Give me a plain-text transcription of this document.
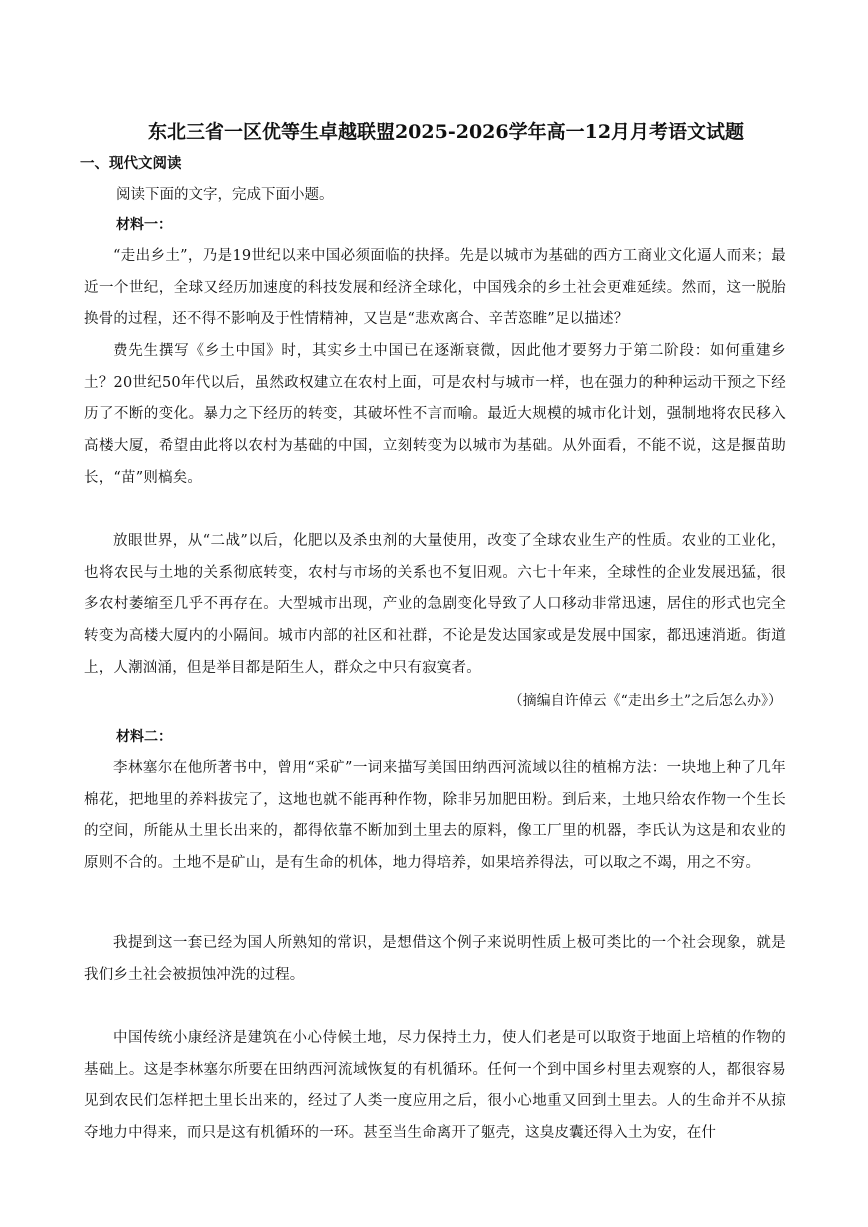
东北三省一区优等生卓越联盟2025-2026学年高一12月月考语文试题
一、现代文阅读
阅读下面的文字，完成下面小题。
材料一：

“走出乡土”，乃是19世纪以来中国必须面临的抉择。先是以城市为基础的西方工商业文化逼人而来；最近一个世纪，全球又经历加速度的科技发展和经济全球化，中国残余的乡土社会更难延续。然而，这一脱胎换骨的过程，还不得不影响及于性情精神，又岂是“悲欢离合、辛苦恣睢”足以描述？

费先生撰写《乡土中国》时，其实乡土中国已在逐渐衰微，因此他才要努力于第二阶段：如何重建乡土？20世纪50年代以后，虽然政权建立在农村上面，可是农村与城市一样，也在强力的种种运动干预之下经历了不断的变化。暴力之下经历的转变，其破坏性不言而喻。最近大规模的城市化计划，强制地将农民移入高楼大厦，希望由此将以农村为基础的中国，立刻转变为以城市为基础。从外面看，不能不说，这是揠苗助长，“苗”则槁矣。

放眼世界，从“二战”以后，化肥以及杀虫剂的大量使用，改变了全球农业生产的性质。农业的工业化，也将农民与土地的关系彻底转变，农村与市场的关系也不复旧观。六七十年来，全球性的企业发展迅猛，很多农村萎缩至几乎不再存在。大型城市出现，产业的急剧变化导致了人口移动非常迅速，居住的形式也完全转变为高楼大厦内的小隔间。城市内部的社区和社群，不论是发达国家或是发展中国家，都迅速消逝。街道上，人潮汹涌，但是举目都是陌生人，群众之中只有寂寞者。

（摘编自许倬云《“走出乡土”之后怎么办》）
材料二：

李林塞尔在他所著书中，曾用“采矿”一词来描写美国田纳西河流域以往的植棉方法：一块地上种了几年棉花，把地里的养料拔完了，这地也就不能再种作物，除非另加肥田粉。到后来，土地只给农作物一个生长的空间，所能从土里长出来的，都得依靠不断加到土里去的原料，像工厂里的机器，李氏认为这是和农业的原则不合的。土地不是矿山，是有生命的机体，地力得培养，如果培养得法，可以取之不竭，用之不穷。

我提到这一套已经为国人所熟知的常识，是想借这个例子来说明性质上极可类比的一个社会现象，就是我们乡土社会被损蚀冲洗的过程。

中国传统小康经济是建筑在小心侍候土地，尽力保持土力，使人们老是可以取资于地面上培植的作物的基础上。这是李林塞尔所要在田纳西河流域恢复的有机循环。任何一个到中国乡村里去观察的人，都很容易见到农民们怎样把土里长出来的，经过了人类一度应用之后，很小心地重又回到土里去。人的生命并不从掠夺地力中得来，而只是这有机循环的一环。甚至当生命离开了躯壳，这臭皮囊还得入土为安，在什
